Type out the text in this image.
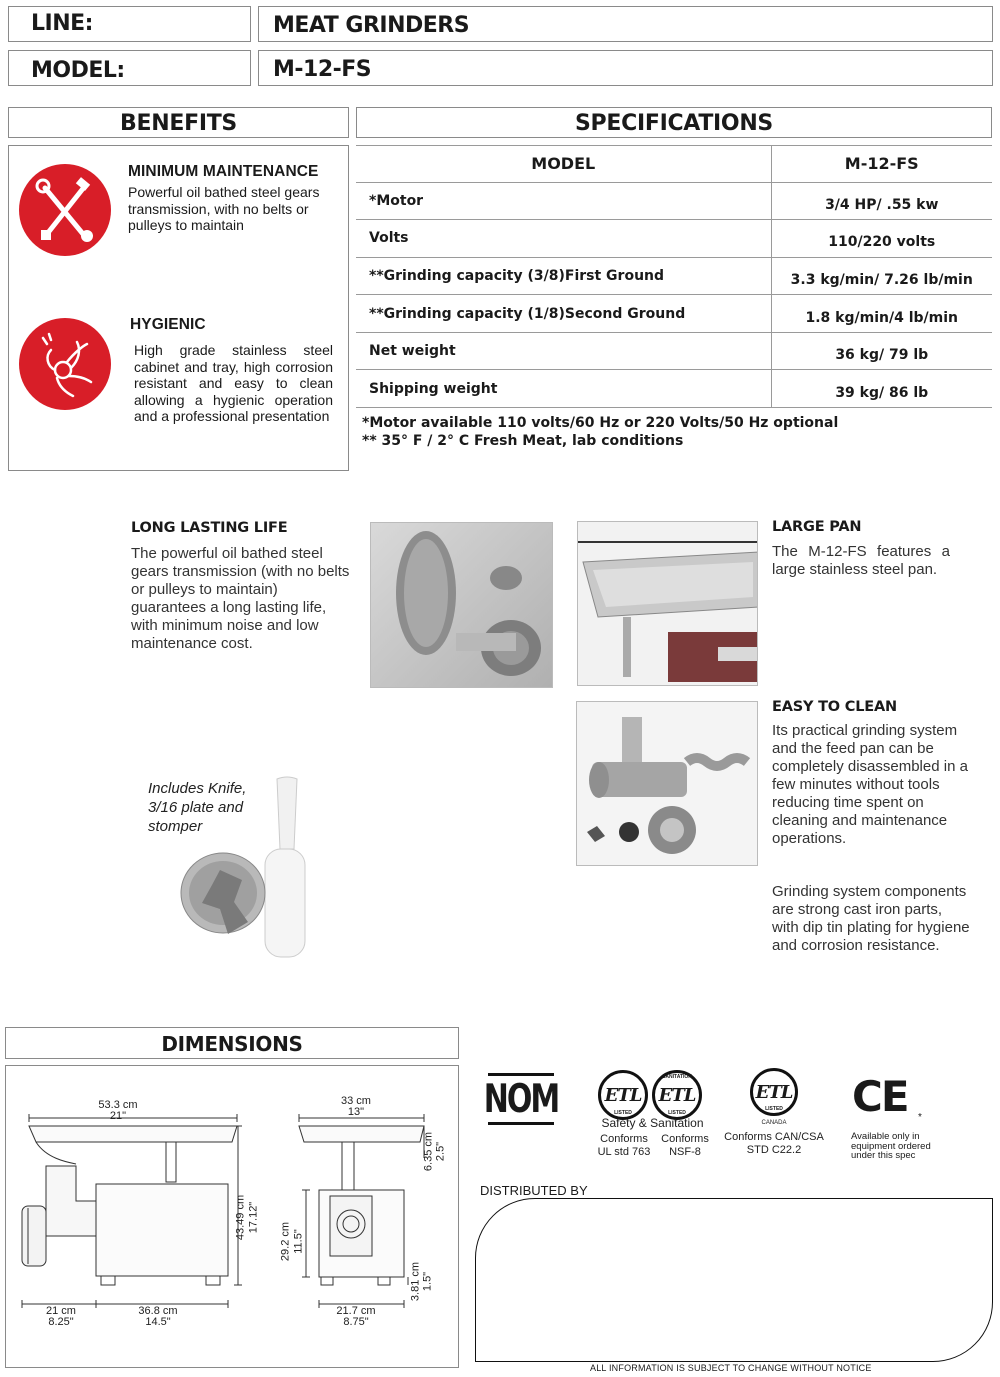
LINE:	MEAT GRINDERS
MODEL:	M-12-FS
BENEFITS
MINIMUM MAINTENANCE
Powerful oil bathed steel gears transmission, with no belts or pulleys to maintain
HYGIENIC
High grade stainless steel cabinet and tray, high corrosion resistant and easy to clean allowing a hygienic operation and a professional presentation
SPECIFICATIONS
MODEL	M-12-FS
*Motor	3/4 HP/ .55 kw
Volts	110/220 volts
**Grinding capacity (3/8)First Ground	3.3 kg/min/ 7.26 lb/min
**Grinding capacity (1/8)Second Ground	1.8 kg/min/4 lb/min
Net weight	36 kg/ 79 lb
Shipping weight	39 kg/ 86 lb
*Motor available 110 volts/60 Hz or 220 Volts/50 Hz optional
** 35° F / 2° C Fresh Meat, lab conditions
LONG LASTING LIFE
The powerful oil bathed steel gears transmission (with no belts or pulleys to maintain) guarantees a long lasting life, with minimum noise and low maintenance cost.
LARGE PAN
The M-12-FS features a large stainless steel pan.
EASY TO CLEAN
Its practical grinding system and the feed pan can be completely disassembled in a few minutes without tools reducing time spent on cleaning and maintenance operations.
Grinding system components are strong cast iron parts, with dip tin plating for hygiene and corrosion resistance.
Includes Knife, 3/16 plate and stomper
DIMENSIONS
53.3 cm
21"
43.49 cm 17.12"
21 cm
8.25"
36.8 cm
14.5"
33 cm
13"
6.35 cm 2.5"
29.2 cm 11.5"
3.81 cm 1.5"
21.7 cm
8.75"
NOM	ETL
LISTED
SANITATION
ETL
LISTED
Safety & Sanitation
Conforms UL std 763
Conforms NSF-8
ETL
LISTED
CANADA
Conforms CAN/CSA STD C22.2
CE *
Available only in equipment ordered under this spec
DISTRIBUTED BY
ALL INFORMATION IS SUBJECT TO CHANGE WITHOUT NOTICE
